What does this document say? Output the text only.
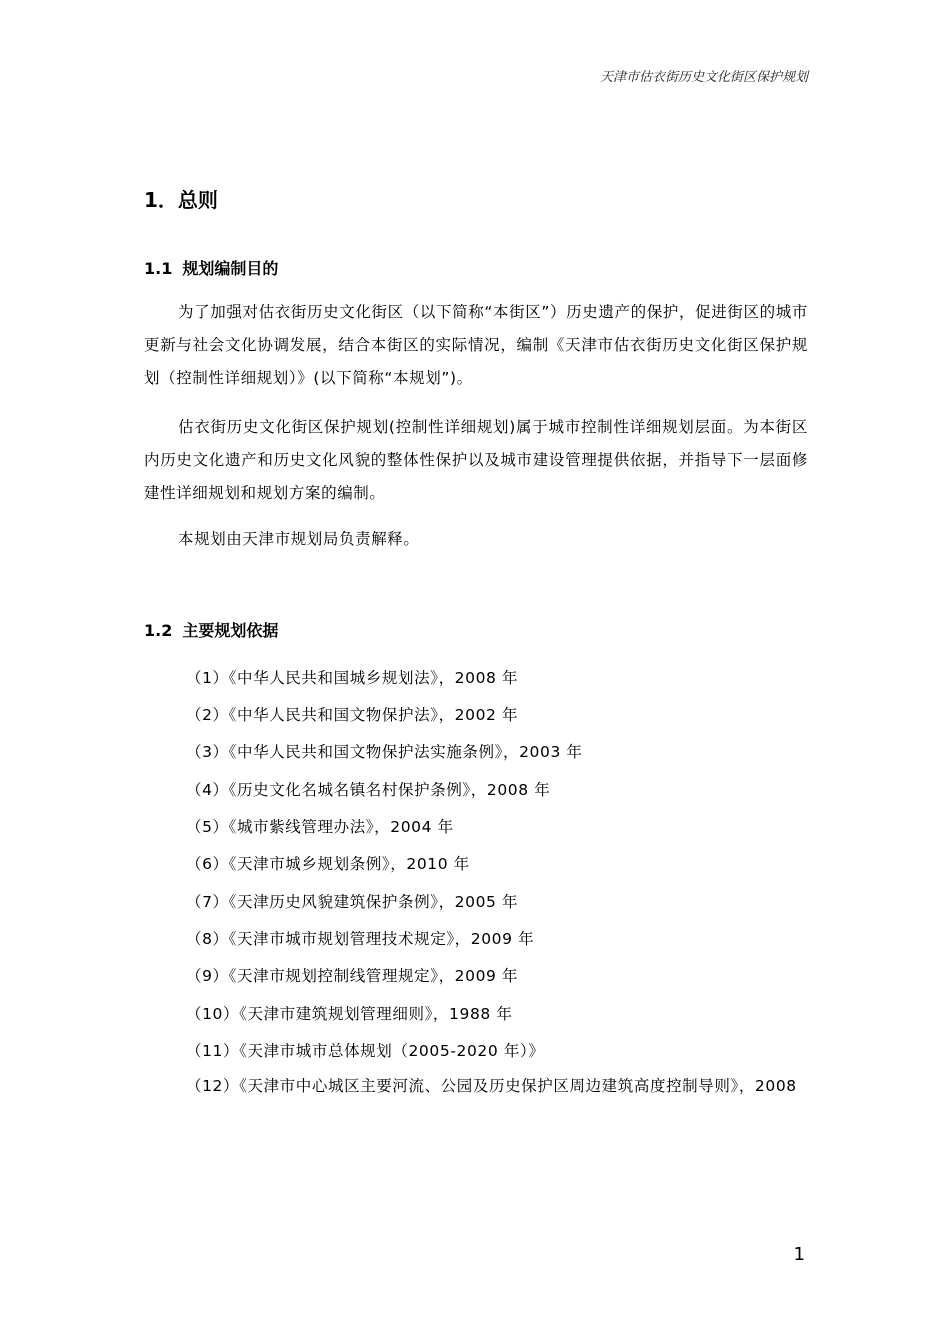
天津市估衣街历史文化街区保护规划
1．总则
1.1 规划编制目的

为了加强对估衣街历史文化街区（以下简称“本街区”）历史遗产的保护，促进街区的城市更新与社会文化协调发展，结合本街区的实际情况，编制《天津市估衣街历史文化街区保护规划（控制性详细规划）》(以下简称“本规划”)。

估衣街历史文化街区保护规划(控制性详细规划)属于城市控制性详细规划层面。为本街区内历史文化遗产和历史文化风貌的整体性保护以及城市建设管理提供依据，并指导下一层面修建性详细规划和规划方案的编制。

本规划由天津市规划局负责解释。

1.2 主要规划依据
（1）《中华人民共和国城乡规划法》，2008 年
（2）《中华人民共和国文物保护法》，2002 年
（3）《中华人民共和国文物保护法实施条例》，2003 年
（4）《历史文化名城名镇名村保护条例》，2008 年
（5）《城市紫线管理办法》，2004 年
（6）《天津市城乡规划条例》，2010 年
（7）《天津历史风貌建筑保护条例》，2005 年
（8）《天津市城市规划管理技术规定》，2009 年
（9）《天津市规划控制线管理规定》，2009 年
（10）《天津市建筑规划管理细则》，1988 年
（11）《天津市城市总体规划（2005-2020 年）》
（12）《天津市中心城区主要河流、公园及历史保护区周边建筑高度控制导则》，2008
1
